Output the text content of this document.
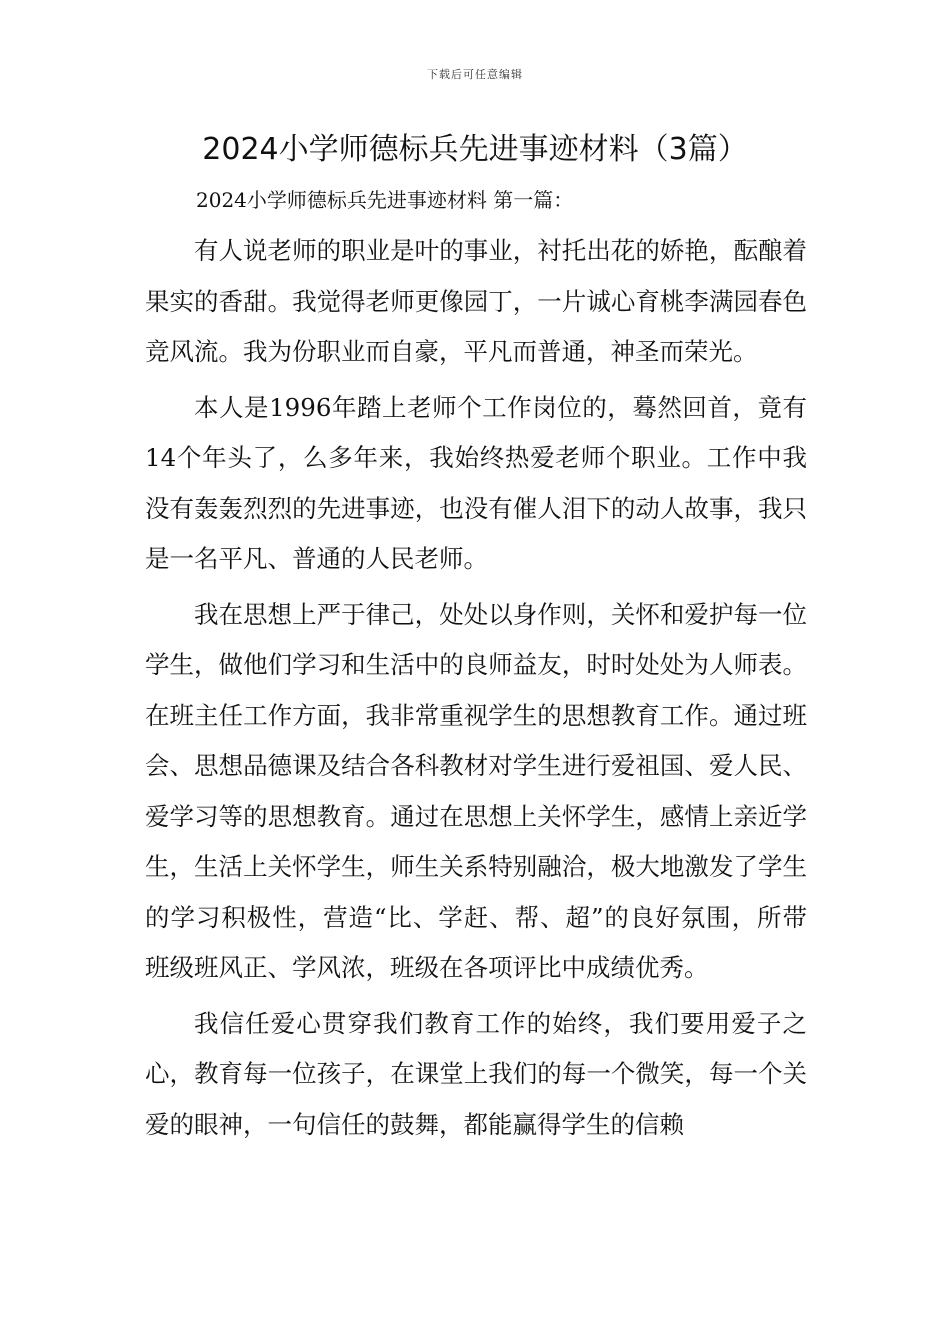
下载后可任意编辑
2024小学师德标兵先进事迹材料（3篇）
2024小学师德标兵先进事迹材料 第一篇：

有人说老师的职业是叶的事业，衬托出花的娇艳，酝酿着果实的香甜。我觉得老师更像园丁，一片诚心育桃李满园春色竞风流。我为份职业而自豪，平凡而普通，神圣而荣光。

本人是1996年踏上老师个工作岗位的，蓦然回首，竟有14个年头了，么多年来，我始终热爱老师个职业。工作中我没有轰轰烈烈的先进事迹，也没有催人泪下的动人故事，我只是一名平凡、普通的人民老师。

我在思想上严于律己，处处以身作则，关怀和爱护每一位学生，做他们学习和生活中的良师益友，时时处处为人师表。在班主任工作方面，我非常重视学生的思想教育工作。通过班会、思想品德课及结合各科教材对学生进行爱祖国、爱人民、爱学习等的思想教育。通过在思想上关怀学生，感情上亲近学生，生活上关怀学生，师生关系特别融洽，极大地激发了学生的学习积极性，营造“比、学赶、帮、超”的良好氛围，所带班级班风正、学风浓，班级在各项评比中成绩优秀。

我信任爱心贯穿我们教育工作的始终，我们要用爱子之心，教育每一位孩子，在课堂上我们的每一个微笑，每一个关爱的眼神，一句信任的鼓舞，都能赢得学生的信赖
